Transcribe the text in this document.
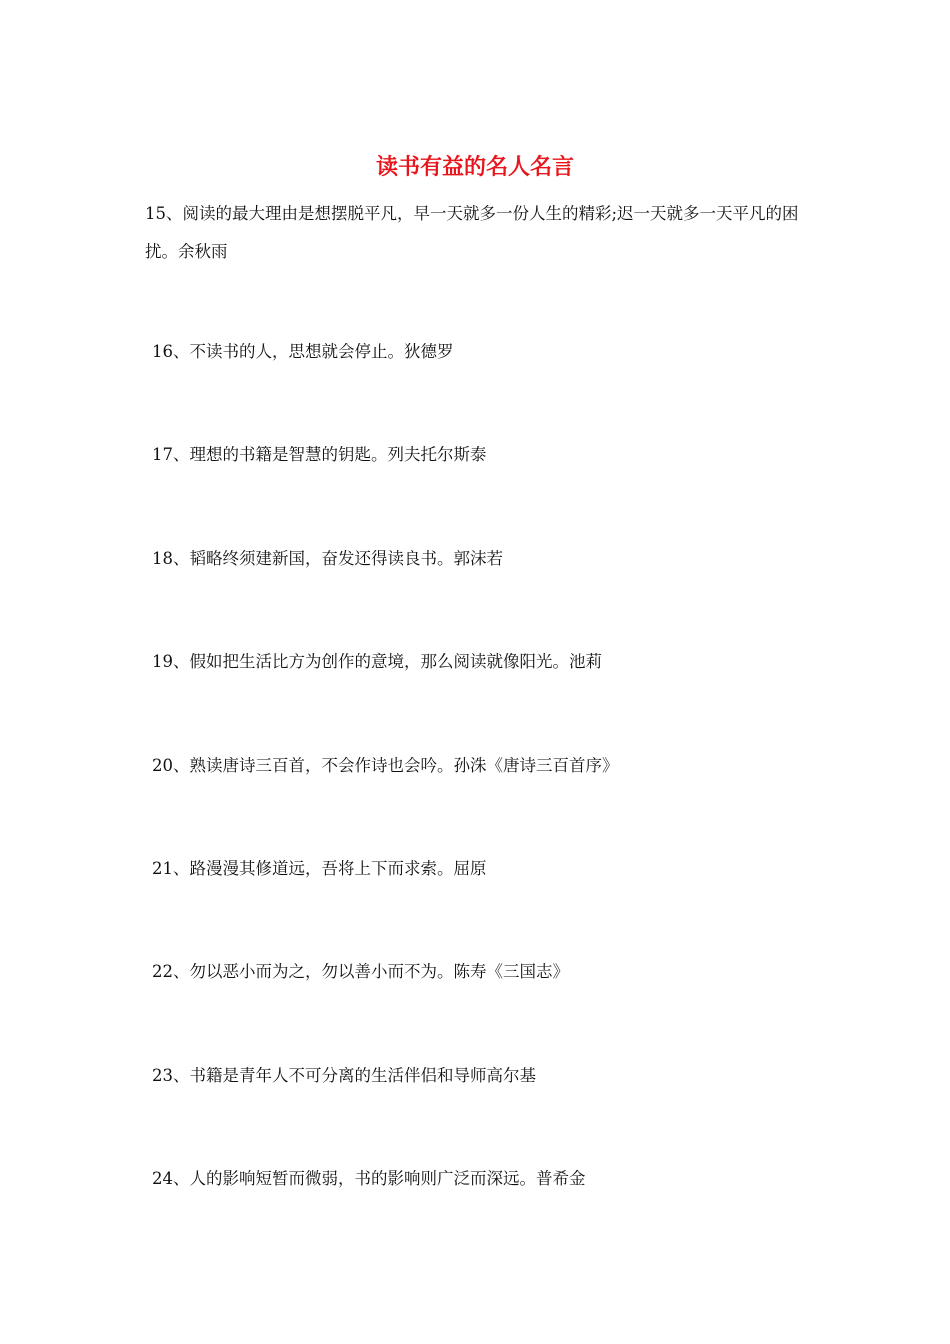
读书有益的名人名言

15、阅读的最大理由是想摆脱平凡，早一天就多一份人生的精彩;迟一天就多一天平凡的困扰。余秋雨

16、不读书的人，思想就会停止。狄德罗

17、理想的书籍是智慧的钥匙。列夫托尔斯泰

18、韬略终须建新国，奋发还得读良书。郭沫若

19、假如把生活比方为创作的意境，那么阅读就像阳光。池莉

20、熟读唐诗三百首，不会作诗也会吟。孙洙《唐诗三百首序》

21、路漫漫其修道远，吾将上下而求索。屈原

22、勿以恶小而为之，勿以善小而不为。陈寿《三国志》

23、书籍是青年人不可分离的生活伴侣和导师高尔基

24、人的影响短暂而微弱，书的影响则广泛而深远。普希金
